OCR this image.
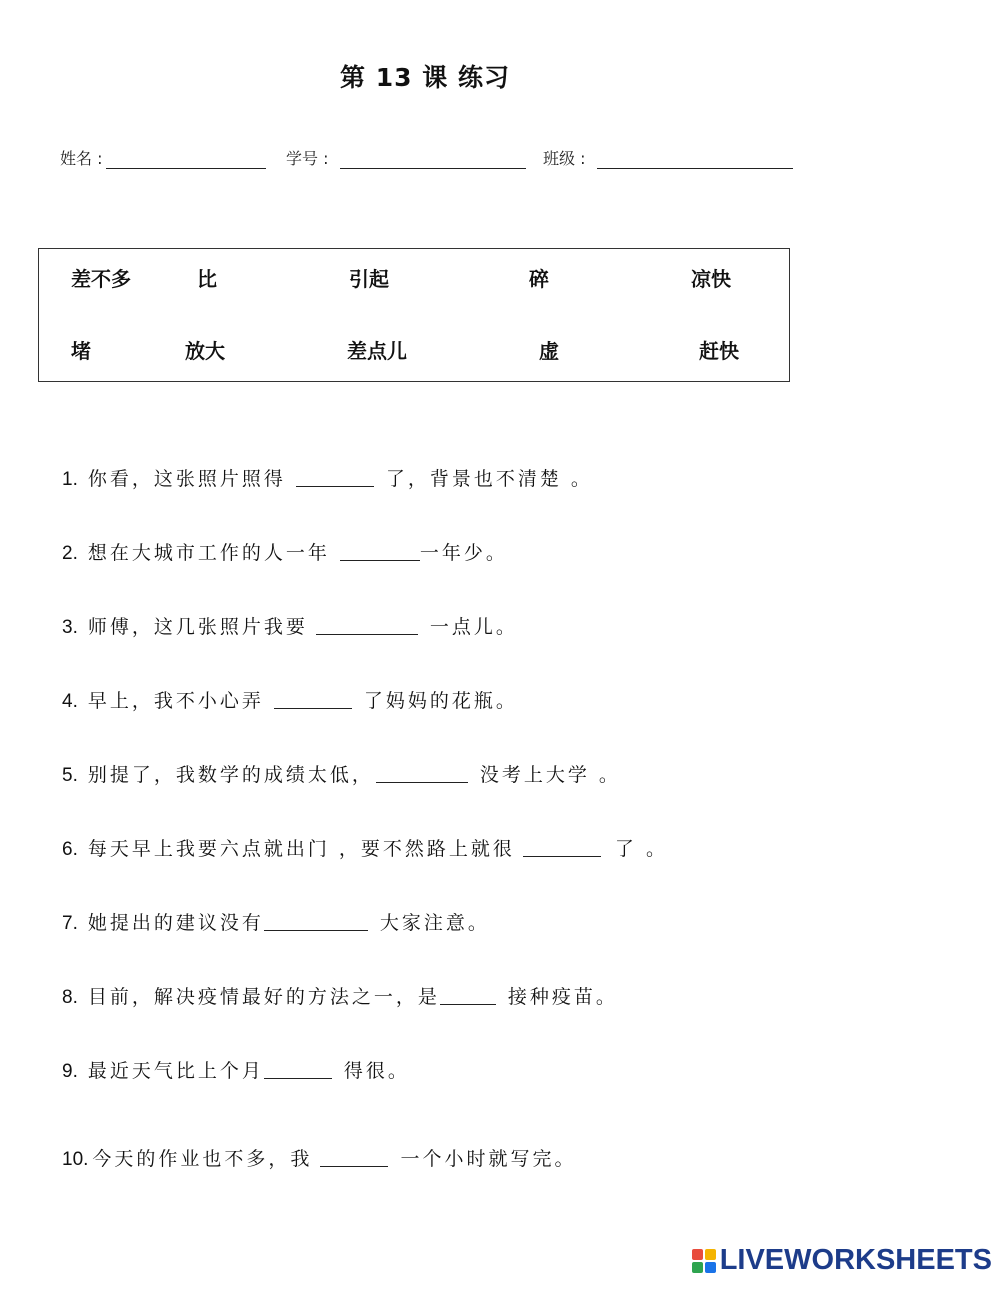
第 13 课 练习
姓名 :	学号 :	班级 :
差不多	比	引起	碎	凉快
堵	放大	差点儿	虚	赶快
1. 你看，这张照片照得	了，背景也不清楚 。
2. 想在大城市工作的人一年	一年少。
3. 师傅，这几张照片我要	一点儿。
4. 早上，我不小心弄	了妈妈的花瓶。
5. 别提了，我数学的成绩太低，	没考上大学 。
6. 每天早上我要六点就出门 ，要不然路上就很	了 。
7. 她提出的建议没有	大家注意。
8. 目前，解决疫情最好的方法之一，是	接种疫苗。
9. 最近天气比上个月	得很。
10. 今天的作业也不多，我	一个小时就写完。
LIVEWORKSHEETS
